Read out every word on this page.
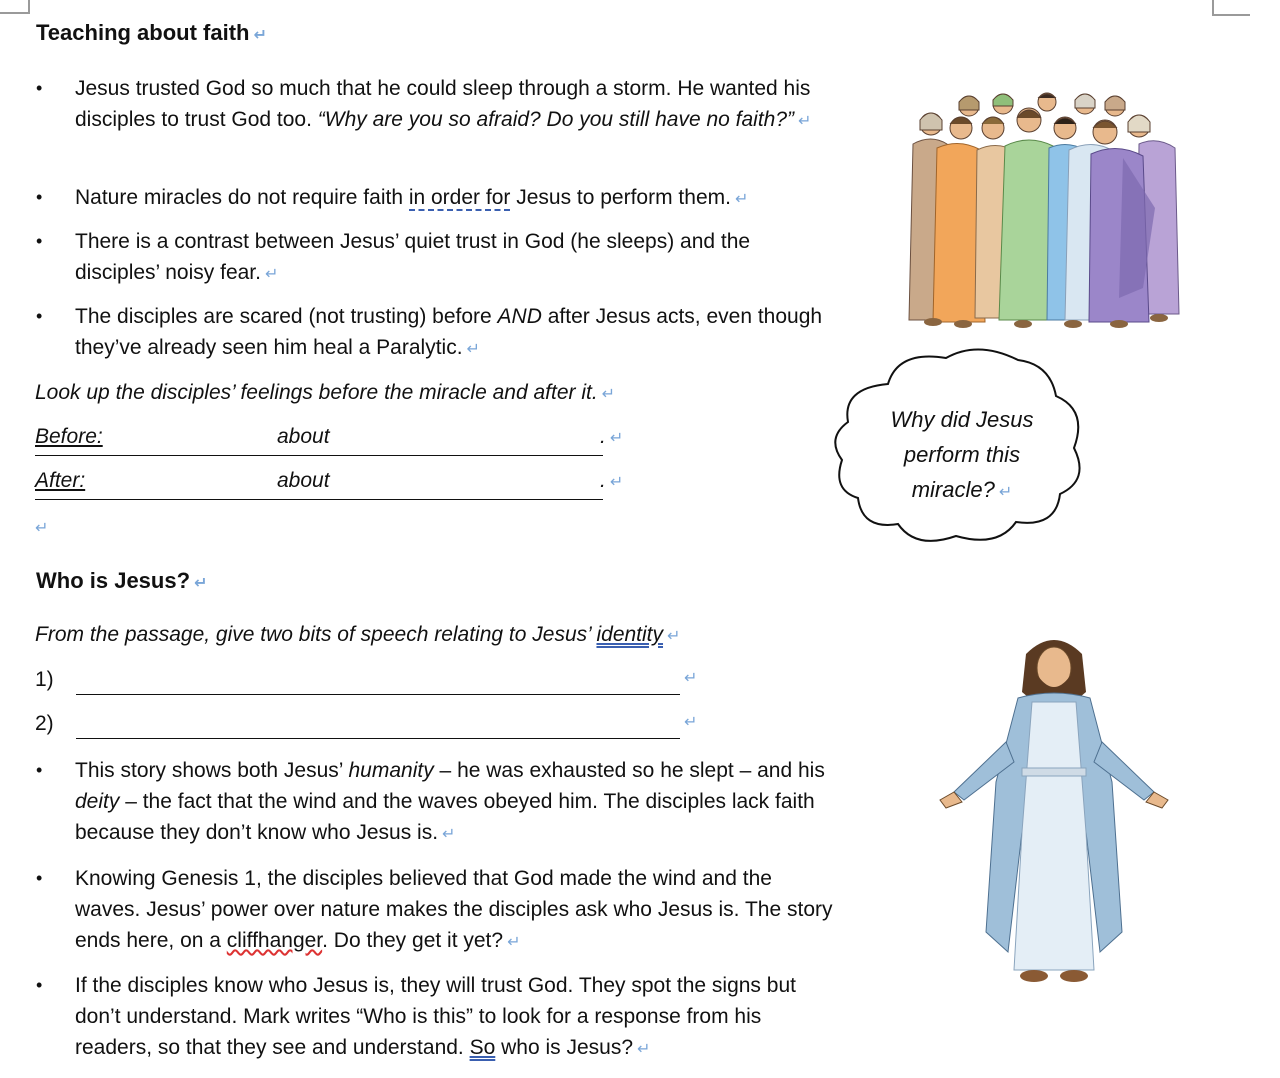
Teaching about faith ↵
• Jesus trusted God so much that he could sleep through a storm. He wanted his disciples to trust God too. “Why are you so afraid? Do you still have no faith?” ↵
• Nature miracles do not require faith in order for Jesus to perform them. ↵
• There is a contrast between Jesus’ quiet trust in God (he sleeps) and the disciples’ noisy fear. ↵
• The disciples are scared (not trusting) before AND after Jesus acts, even though they’ve already seen him heal a Paralytic. ↵
Look up the disciples’ feelings before the miracle and after it. ↵
Before:	about	. ↵
After:	about	. ↵
↵
Who is Jesus? ↵
From the passage, give two bits of speech relating to Jesus’ identity ↵
1)	↵
2)	↵
• This story shows both Jesus’ humanity – he was exhausted so he slept – and his deity – the fact that the wind and the waves obeyed him. The disciples lack faith because they don’t know who Jesus is. ↵
• Knowing Genesis 1, the disciples believed that God made the wind and the waves. Jesus’ power over nature makes the disciples ask who Jesus is. The story ends here, on a cliffhanger. Do they get it yet? ↵
• If the disciples know who Jesus is, they will trust God. They spot the signs but don’t understand. Mark writes “Who is this” to look for a response from his readers, so that they see and understand. So who is Jesus? ↵
Why did Jesus perform this miracle? ↵
